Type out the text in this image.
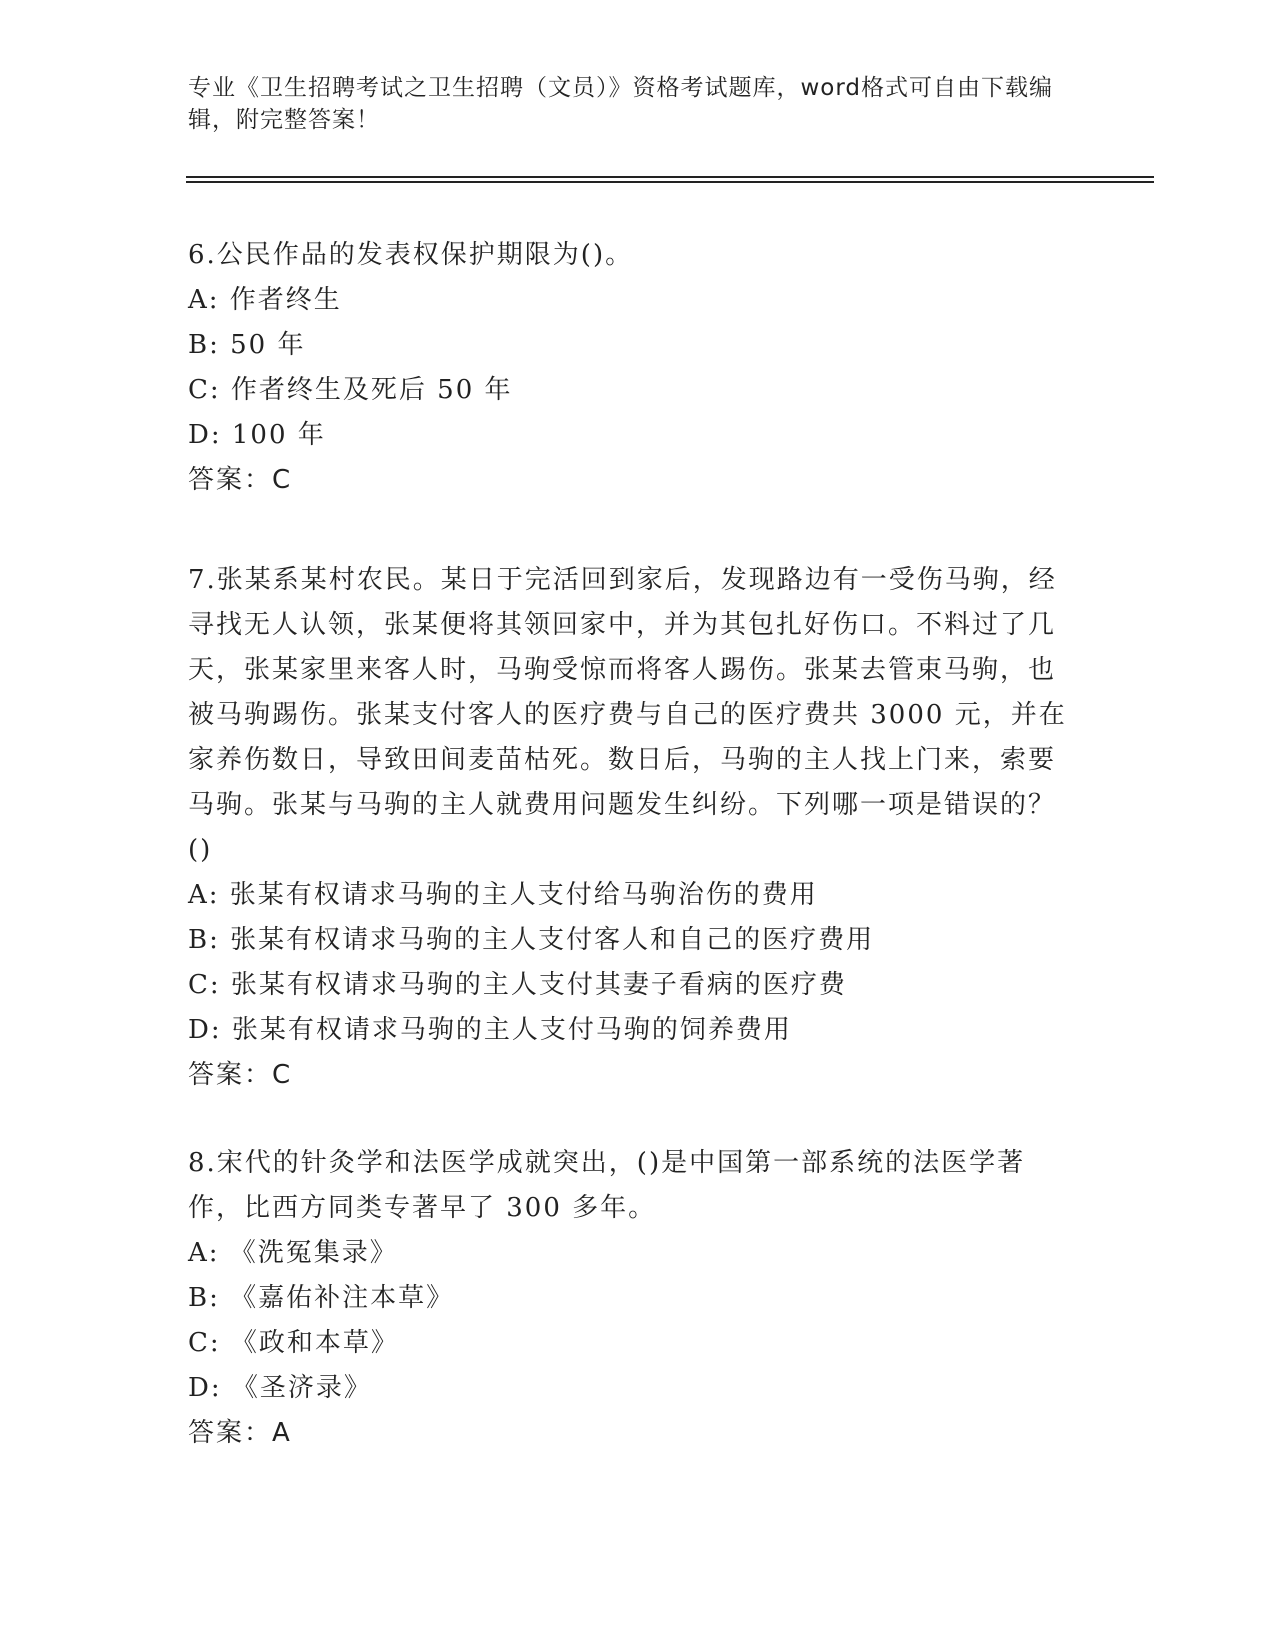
专业《卫生招聘考试之卫生招聘（文员）》资格考试题库，word格式可自由下载编辑，附完整答案！

6.公民作品的发表权保护期限为()。

A: 作者终生

B: 50 年

C: 作者终生及死后 50 年

D: 100 年

答案：C

7.张某系某村农民。某日于完活回到家后，发现路边有一受伤马驹，经寻找无人认领，张某便将其领回家中，并为其包扎好伤口。不料过了几天，张某家里来客人时，马驹受惊而将客人踢伤。张某去管束马驹，也被马驹踢伤。张某支付客人的医疗费与自己的医疗费共 3000 元，并在家养伤数日，导致田间麦苗枯死。数日后，马驹的主人找上门来，索要马驹。张某与马驹的主人就费用问题发生纠纷。下列哪一项是错误的？()

A: 张某有权请求马驹的主人支付给马驹治伤的费用

B: 张某有权请求马驹的主人支付客人和自己的医疗费用

C: 张某有权请求马驹的主人支付其妻子看病的医疗费

D: 张某有权请求马驹的主人支付马驹的饲养费用

答案：C

8.宋代的针灸学和法医学成就突出，()是中国第一部系统的法医学著作，比西方同类专著早了 300 多年。

A: 《洗冤集录》

B: 《嘉佑补注本草》

C: 《政和本草》

D: 《圣济录》

答案：A
